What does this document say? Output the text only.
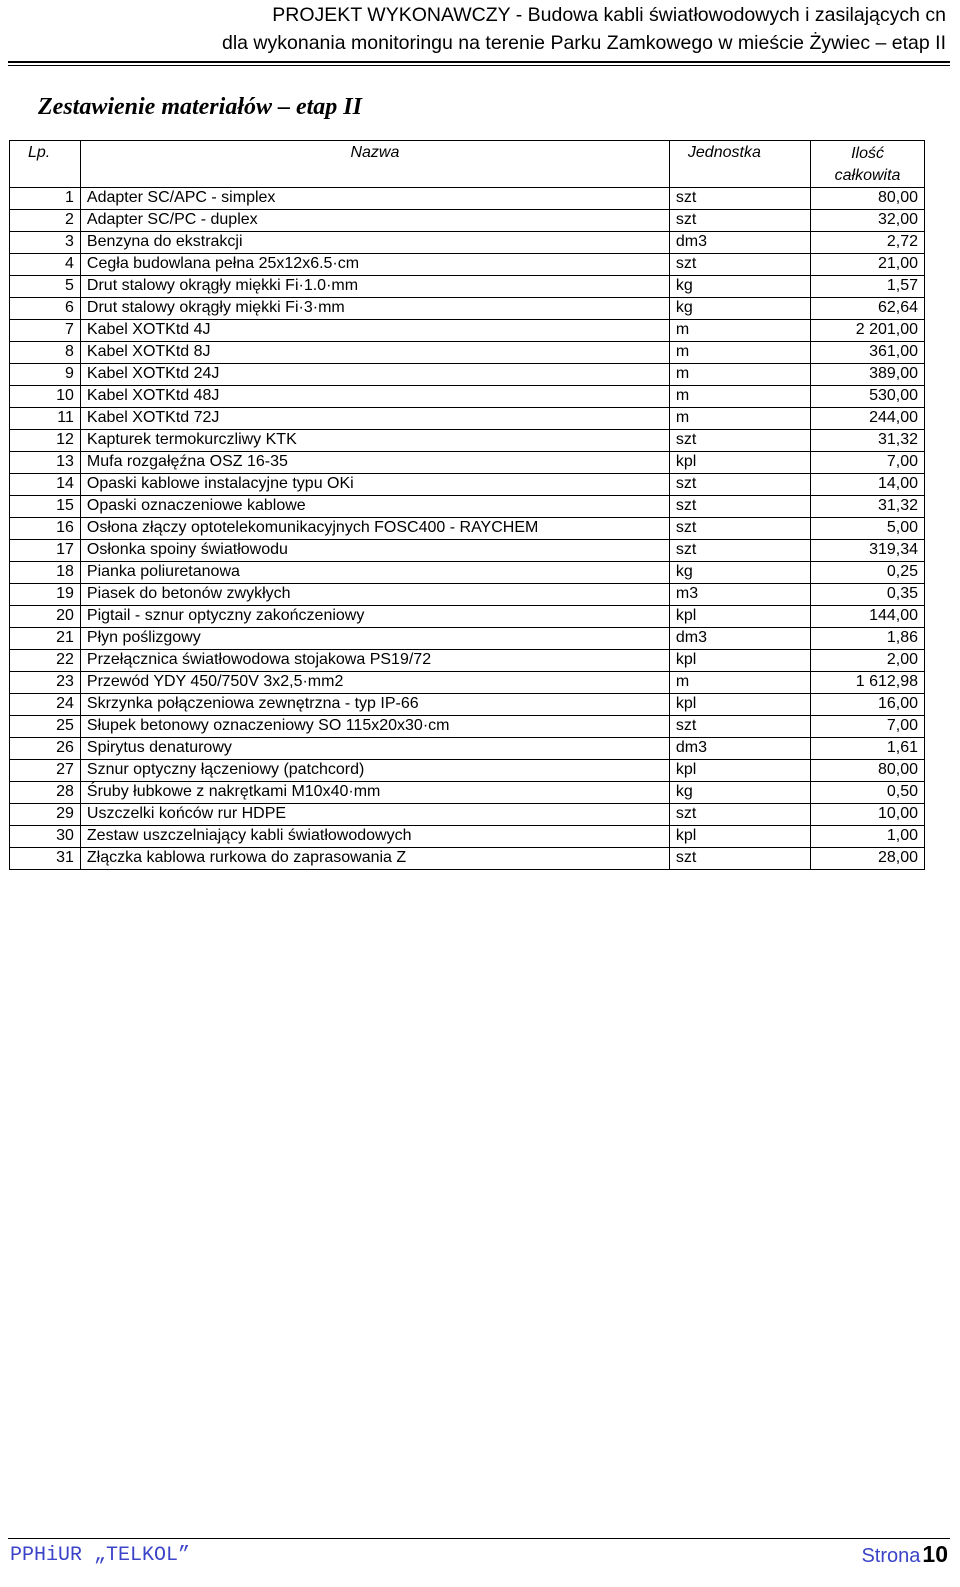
PROJEKT WYKONAWCZY - Budowa kabli światłowodowych i zasilających cn
dla wykonania monitoringu na terenie Parku Zamkowego w mieście Żywiec – etap II
Zestawienie materiałów – etap II
Lp.	Nazwa	Jednostka	Ilość całkowita
1	Adapter SC/APC - simplex	szt	80,00
2	Adapter SC/PC - duplex	szt	32,00
3	Benzyna do ekstrakcji	dm3	2,72
4	Cegła budowlana pełna 25x12x6.5·cm	szt	21,00
5	Drut stalowy okrągły miękki Fi·1.0·mm	kg	1,57
6	Drut stalowy okrągły miękki Fi·3·mm	kg	62,64
7	Kabel XOTKtd 4J	m	2 201,00
8	Kabel XOTKtd 8J	m	361,00
9	Kabel XOTKtd 24J	m	389,00
10	Kabel XOTKtd 48J	m	530,00
11	Kabel XOTKtd 72J	m	244,00
12	Kapturek termokurczliwy KTK	szt	31,32
13	Mufa rozgałęźna OSZ 16-35	kpl	7,00
14	Opaski kablowe instalacyjne typu OKi	szt	14,00
15	Opaski oznaczeniowe kablowe	szt	31,32
16	Osłona złączy optotelekomunikacyjnych FOSC400 - RAYCHEM	szt	5,00
17	Osłonka spoiny światłowodu	szt	319,34
18	Pianka poliuretanowa	kg	0,25
19	Piasek do betonów zwykłych	m3	0,35
20	Pigtail - sznur optyczny zakończeniowy	kpl	144,00
21	Płyn poślizgowy	dm3	1,86
22	Przełącznica światłowodowa stojakowa PS19/72	kpl	2,00
23	Przewód YDY 450/750V 3x2,5·mm2	m	1 612,98
24	Skrzynka połączeniowa zewnętrzna - typ IP-66	kpl	16,00
25	Słupek betonowy oznaczeniowy SO 115x20x30·cm	szt	7,00
26	Spirytus denaturowy	dm3	1,61
27	Sznur optyczny łączeniowy (patchcord)	kpl	80,00
28	Śruby łubkowe z nakrętkami M10x40·mm	kg	0,50
29	Uszczelki końców rur HDPE	szt	10,00
30	Zestaw uszczelniający kabli światłowodowych	kpl	1,00
31	Złączka kablowa rurkowa do zaprasowania Z	szt	28,00
PPHiUR „TELKOL”	Strona10
